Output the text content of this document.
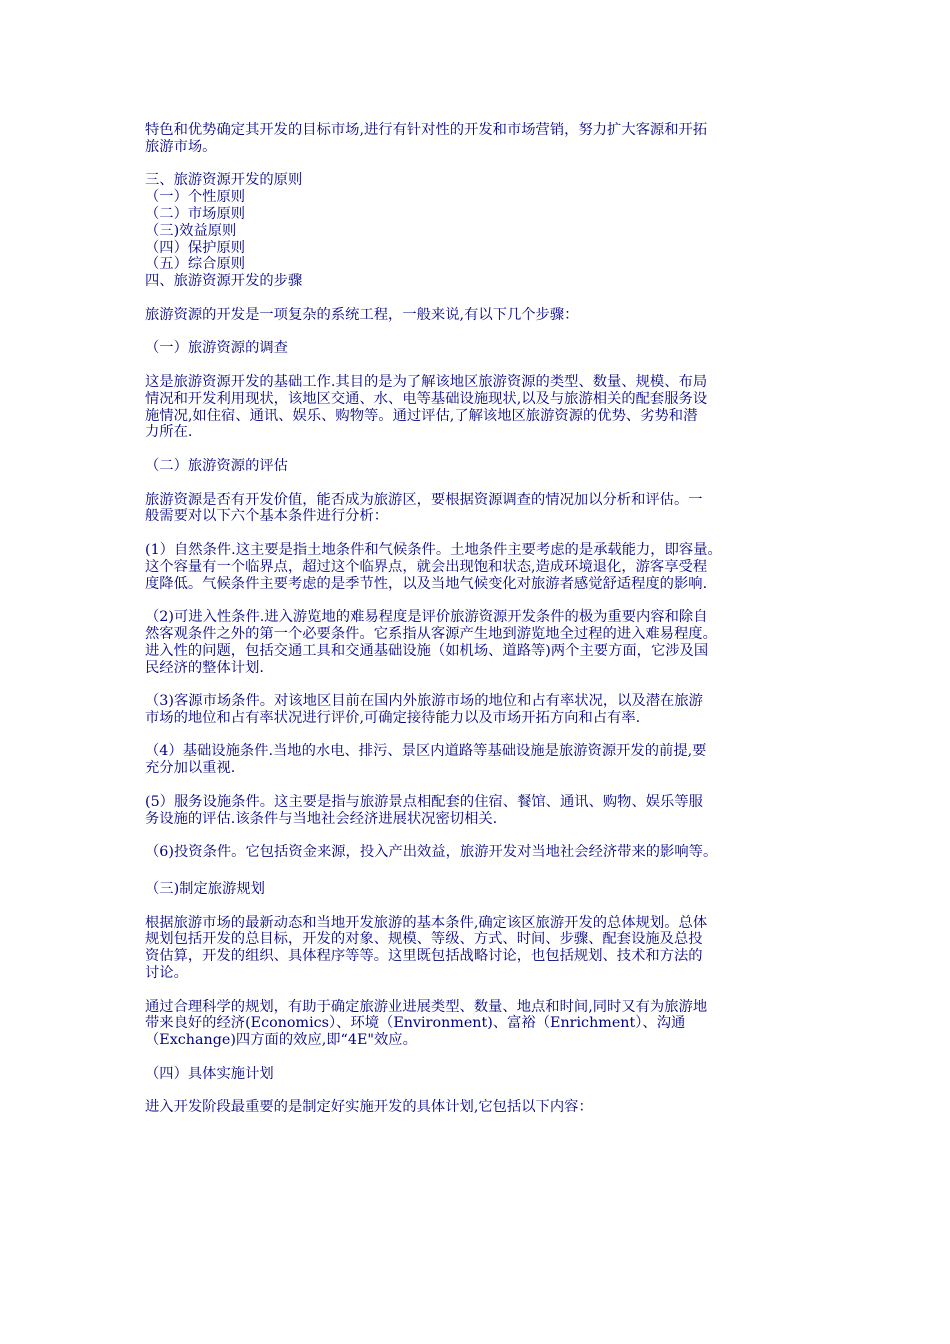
特色和优势确定其开发的目标市场,进行有针对性的开发和市场营销，努力扩大客源和开拓
旅游市场。
三、旅游资源开发的原则
（一）个性原则
（二）市场原则
（三)效益原则
（四）保护原则
（五）综合原则
四、旅游资源开发的步骤
旅游资源的开发是一项复杂的系统工程，一般来说,有以下几个步骤：
（一）旅游资源的调查
这是旅游资源开发的基础工作.其目的是为了解该地区旅游资源的类型、数量、规模、布局
情况和开发利用现状，该地区交通、水、电等基础设施现状,以及与旅游相关的配套服务设
施情况,如住宿、通讯、娱乐、购物等。通过评估,了解该地区旅游资源的优势、劣势和潜
力所在.
（二）旅游资源的评估
旅游资源是否有开发价值，能否成为旅游区，要根据资源调查的情况加以分析和评估。一
般需要对以下六个基本条件进行分析：
(1）自然条件.这主要是指土地条件和气候条件。土地条件主要考虑的是承载能力，即容量。
这个容量有一个临界点，超过这个临界点，就会出现饱和状态,造成环境退化，游客享受程
度降低。气候条件主要考虑的是季节性，以及当地气候变化对旅游者感觉舒适程度的影响.
（2)可进入性条件.进入游览地的难易程度是评价旅游资源开发条件的极为重要内容和除自
然客观条件之外的第一个必要条件。它系指从客源产生地到游览地全过程的进入难易程度。
进入性的问题，包括交通工具和交通基础设施（如机场、道路等)两个主要方面，它涉及国
民经济的整体计划.
（3)客源市场条件。对该地区目前在国内外旅游市场的地位和占有率状况，以及潜在旅游
市场的地位和占有率状况进行评价,可确定接待能力以及市场开拓方向和占有率.
（4）基础设施条件.当地的水电、排污、景区内道路等基础设施是旅游资源开发的前提,要
充分加以重视.
(5）服务设施条件。这主要是指与旅游景点相配套的住宿、餐馆、通讯、购物、娱乐等服
务设施的评估.该条件与当地社会经济进展状况密切相关.
（6)投资条件。它包括资金来源，投入产出效益，旅游开发对当地社会经济带来的影响等。
（三)制定旅游规划
根据旅游市场的最新动态和当地开发旅游的基本条件,确定该区旅游开发的总体规划。总体
规划包括开发的总目标，开发的对象、规模、等级、方式、时间、步骤、配套设施及总投
资估算，开发的组织、具体程序等等。这里既包括战略讨论，也包括规划、技术和方法的
讨论。
通过合理科学的规划，有助于确定旅游业进展类型、数量、地点和时间,同时又有为旅游地
带来良好的经济(Economics）、环境（Environment)、富裕（Enrichment）、沟通
（Exchange)四方面的效应,即“4E"效应。
（四）具体实施计划
进入开发阶段最重要的是制定好实施开发的具体计划,它包括以下内容：
